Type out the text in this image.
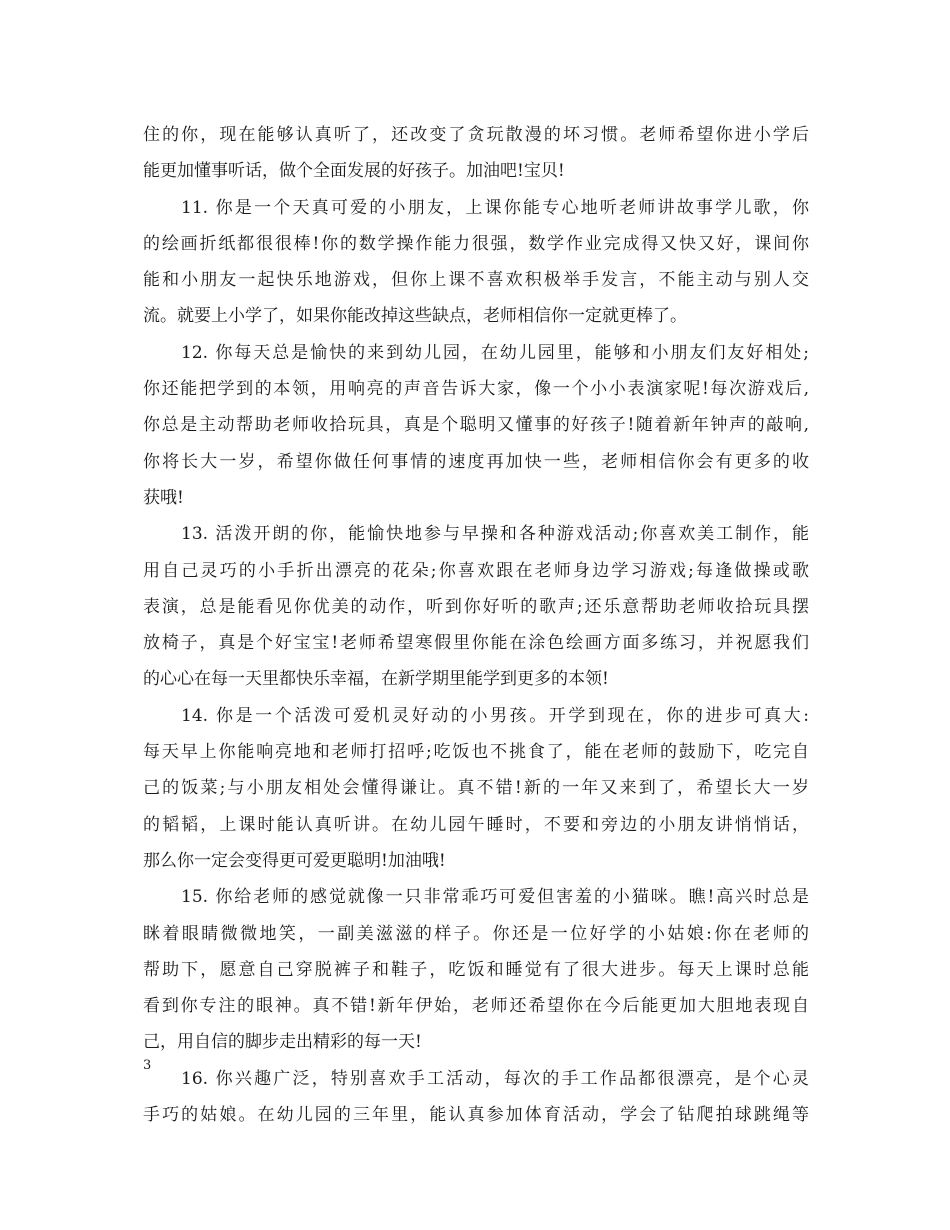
住的你，现在能够认真听了，还改变了贪玩散漫的坏习惯。老师希望你进小学后
能更加懂事听话，做个全面发展的好孩子。加油吧!宝贝!
11. 你是一个天真可爱的小朋友，上课你能专心地听老师讲故事学儿歌，你
的绘画折纸都很很棒!你的数学操作能力很强，数学作业完成得又快又好，课间你
能和小朋友一起快乐地游戏，但你上课不喜欢积极举手发言，不能主动与别人交
流。就要上小学了，如果你能改掉这些缺点，老师相信你一定就更棒了。
12. 你每天总是愉快的来到幼儿园，在幼儿园里，能够和小朋友们友好相处;
你还能把学到的本领，用响亮的声音告诉大家，像一个小小表演家呢!每次游戏后,
你总是主动帮助老师收拾玩具，真是个聪明又懂事的好孩子!随着新年钟声的敲响,
你将长大一岁，希望你做任何事情的速度再加快一些，老师相信你会有更多的收
获哦!
13. 活泼开朗的你，能愉快地参与早操和各种游戏活动;你喜欢美工制作，能
用自己灵巧的小手折出漂亮的花朵;你喜欢跟在老师身边学习游戏;每逢做操或歌
表演，总是能看见你优美的动作，听到你好听的歌声;还乐意帮助老师收拾玩具摆
放椅子，真是个好宝宝!老师希望寒假里你能在涂色绘画方面多练习，并祝愿我们
的心心在每一天里都快乐幸福，在新学期里能学到更多的本领!
14. 你是一个活泼可爱机灵好动的小男孩。开学到现在，你的进步可真大:
每天早上你能响亮地和老师打招呼;吃饭也不挑食了，能在老师的鼓励下，吃完自
己的饭菜;与小朋友相处会懂得谦让。真不错!新的一年又来到了，希望长大一岁
的韬韬，上课时能认真听讲。在幼儿园午睡时，不要和旁边的小朋友讲悄悄话，
那么你一定会变得更可爱更聪明!加油哦!
15. 你给老师的感觉就像一只非常乖巧可爱但害羞的小猫咪。瞧!高兴时总是
眯着眼睛微微地笑，一副美滋滋的样子。你还是一位好学的小姑娘:你在老师的
帮助下，愿意自己穿脱裤子和鞋子，吃饭和睡觉有了很大进步。每天上课时总能
看到你专注的眼神。真不错!新年伊始，老师还希望你在今后能更加大胆地表现自
己，用自信的脚步走出精彩的每一天!
16. 你兴趣广泛，特别喜欢手工活动，每次的手工作品都很漂亮，是个心灵
手巧的姑娘。在幼儿园的三年里，能认真参加体育活动，学会了钻爬拍球跳绳等
3
